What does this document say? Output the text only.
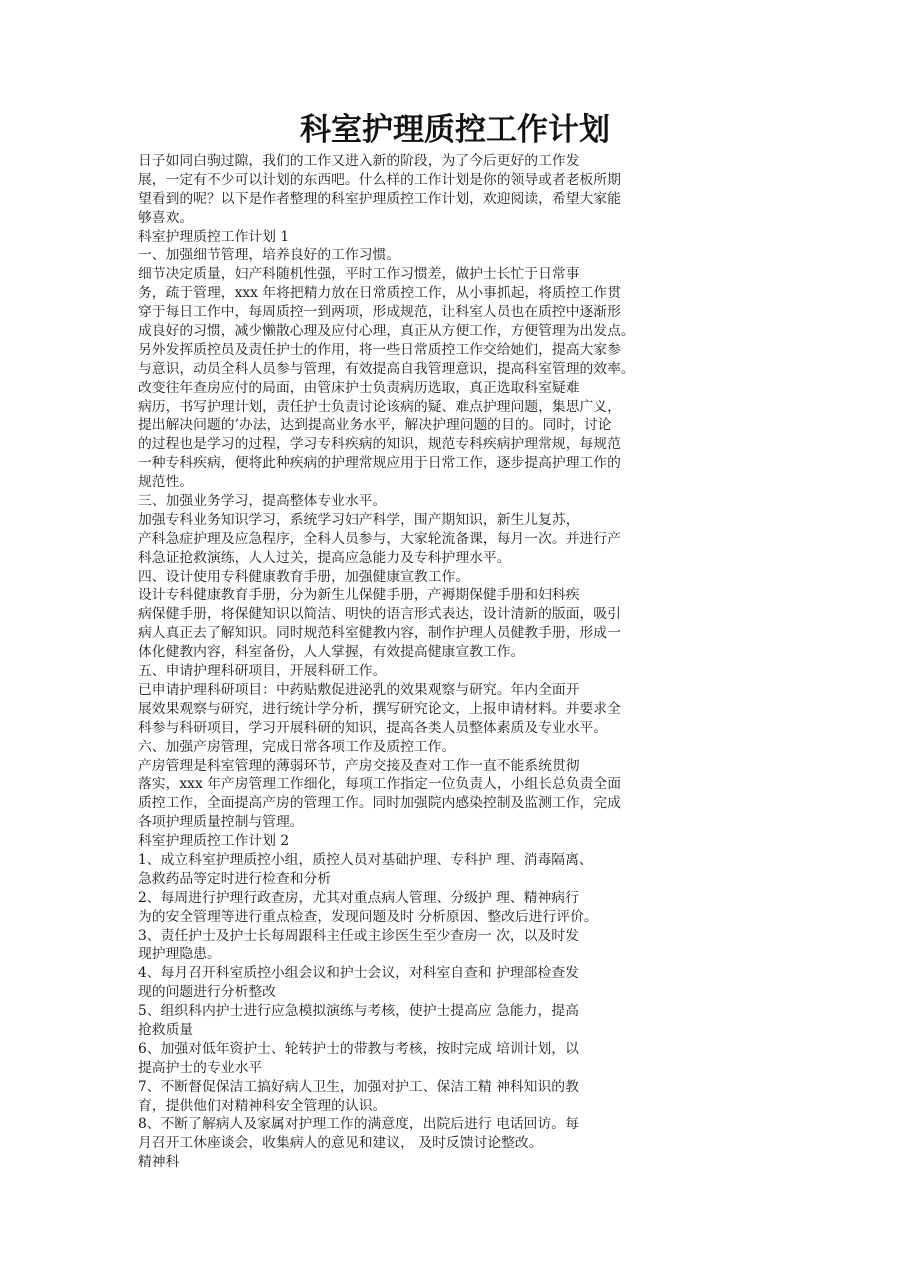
科室护理质控工作计划
日子如同白驹过隙，我们的工作又进入新的阶段，为了今后更好的工作发
展，一定有不少可以计划的东西吧。什么样的工作计划是你的领导或者老板所期
望看到的呢？以下是作者整理的科室护理质控工作计划，欢迎阅读，希望大家能
够喜欢。
科室护理质控工作计划 1
一、加强细节管理，培养良好的工作习惯。
细节决定质量，妇产科随机性强，平时工作习惯差，做护士长忙于日常事
务，疏于管理，xxx 年将把精力放在日常质控工作，从小事抓起，将质控工作贯
穿于每日工作中，每周质控一到两项，形成规范，让科室人员也在质控中逐渐形
成良好的习惯，减少懒散心理及应付心理，真正从方便工作，方便管理为出发点。
另外发挥质控员及责任护士的作用，将一些日常质控工作交给她们，提高大家参
与意识，动员全科人员参与管理，有效提高自我管理意识，提高科室管理的效率。
改变往年查房应付的局面，由管床护士负责病历选取，真正选取科室疑难
病历，书写护理计划，责任护士负责讨论该病的疑、难点护理问题，集思广义，
提出解决问题的’办法，达到提高业务水平，解决护理问题的目的。同时，讨论
的过程也是学习的过程，学习专科疾病的知识，规范专科疾病护理常规，每规范
一种专科疾病，便将此种疾病的护理常规应用于日常工作，逐步提高护理工作的
规范性。
三、加强业务学习，提高整体专业水平。
加强专科业务知识学习，系统学习妇产科学，围产期知识，新生儿复苏，
产科急症护理及应急程序，全科人员参与，大家轮流备课，每月一次。并进行产
科急证抢救演练，人人过关，提高应急能力及专科护理水平。
四、设计使用专科健康教育手册，加强健康宣教工作。
设计专科健康教育手册，分为新生儿保健手册，产褥期保健手册和妇科疾
病保健手册，将保健知识以简洁、明快的语言形式表达，设计清新的版面，吸引
病人真正去了解知识。同时规范科室健教内容，制作护理人员健教手册，形成一
体化健教内容，科室备份，人人掌握，有效提高健康宣教工作。
五、申请护理科研项目，开展科研工作。
已申请护理科研项目：中药贴敷促进泌乳的效果观察与研究。年内全面开
展效果观察与研究，进行统计学分析，撰写研究论文，上报申请材料。并要求全
科参与科研项目，学习开展科研的知识，提高各类人员整体素质及专业水平。
六、加强产房管理，完成日常各项工作及质控工作。
产房管理是科室管理的薄弱环节，产房交接及查对工作一直不能系统贯彻
落实，xxx 年产房管理工作细化，每项工作指定一位负责人，小组长总负责全面
质控工作，全面提高产房的管理工作。同时加强院内感染控制及监测工作，完成
各项护理质量控制与管理。
科室护理质控工作计划 2
1、成立科室护理质控小组，质控人员对基础护理、专科护 理、消毒隔离、
急救药品等定时进行检查和分析
2、每周进行护理行政查房，尤其对重点病人管理、分级护 理、精神病行
为的安全管理等进行重点检查，发现问题及时 分析原因、整改后进行评价。
3、责任护士及护士长每周跟科主任或主诊医生至少查房一 次，以及时发
现护理隐患。
4、每月召开科室质控小组会议和护士会议，对科室自查和 护理部检查发
现的问题进行分析整改
5、组织科内护士进行应急模拟演练与考核，使护士提高应 急能力，提高
抢救质量
6、加强对低年资护士、轮转护士的带教与考核，按时完成 培训计划，以
提高护士的专业水平
7、不断督促保洁工搞好病人卫生，加强对护工、保洁工精 神科知识的教
育，提供他们对精神科安全管理的认识。
8、不断了解病人及家属对护理工作的满意度，出院后进行 电话回访。每
月召开工休座谈会，收集病人的意见和建议， 及时反馈讨论整改。
精神科
